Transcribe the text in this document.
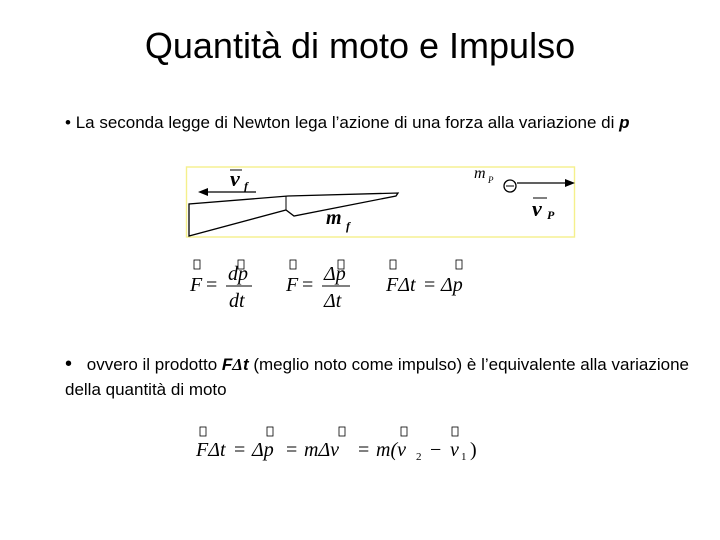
Quantità di moto e Impulso
• La seconda legge di Newton lega l’azione di una forza alla variazione di p
v f
m f
m P
v P
F = dp
dt
F = Δp
Δt
FΔt = Δp
• ovvero il prodotto FΔt (meglio noto come impulso) è l’equivalente alla variazione della quantità di moto
FΔt = Δp = mΔv = m(v 2 − v 1 )
